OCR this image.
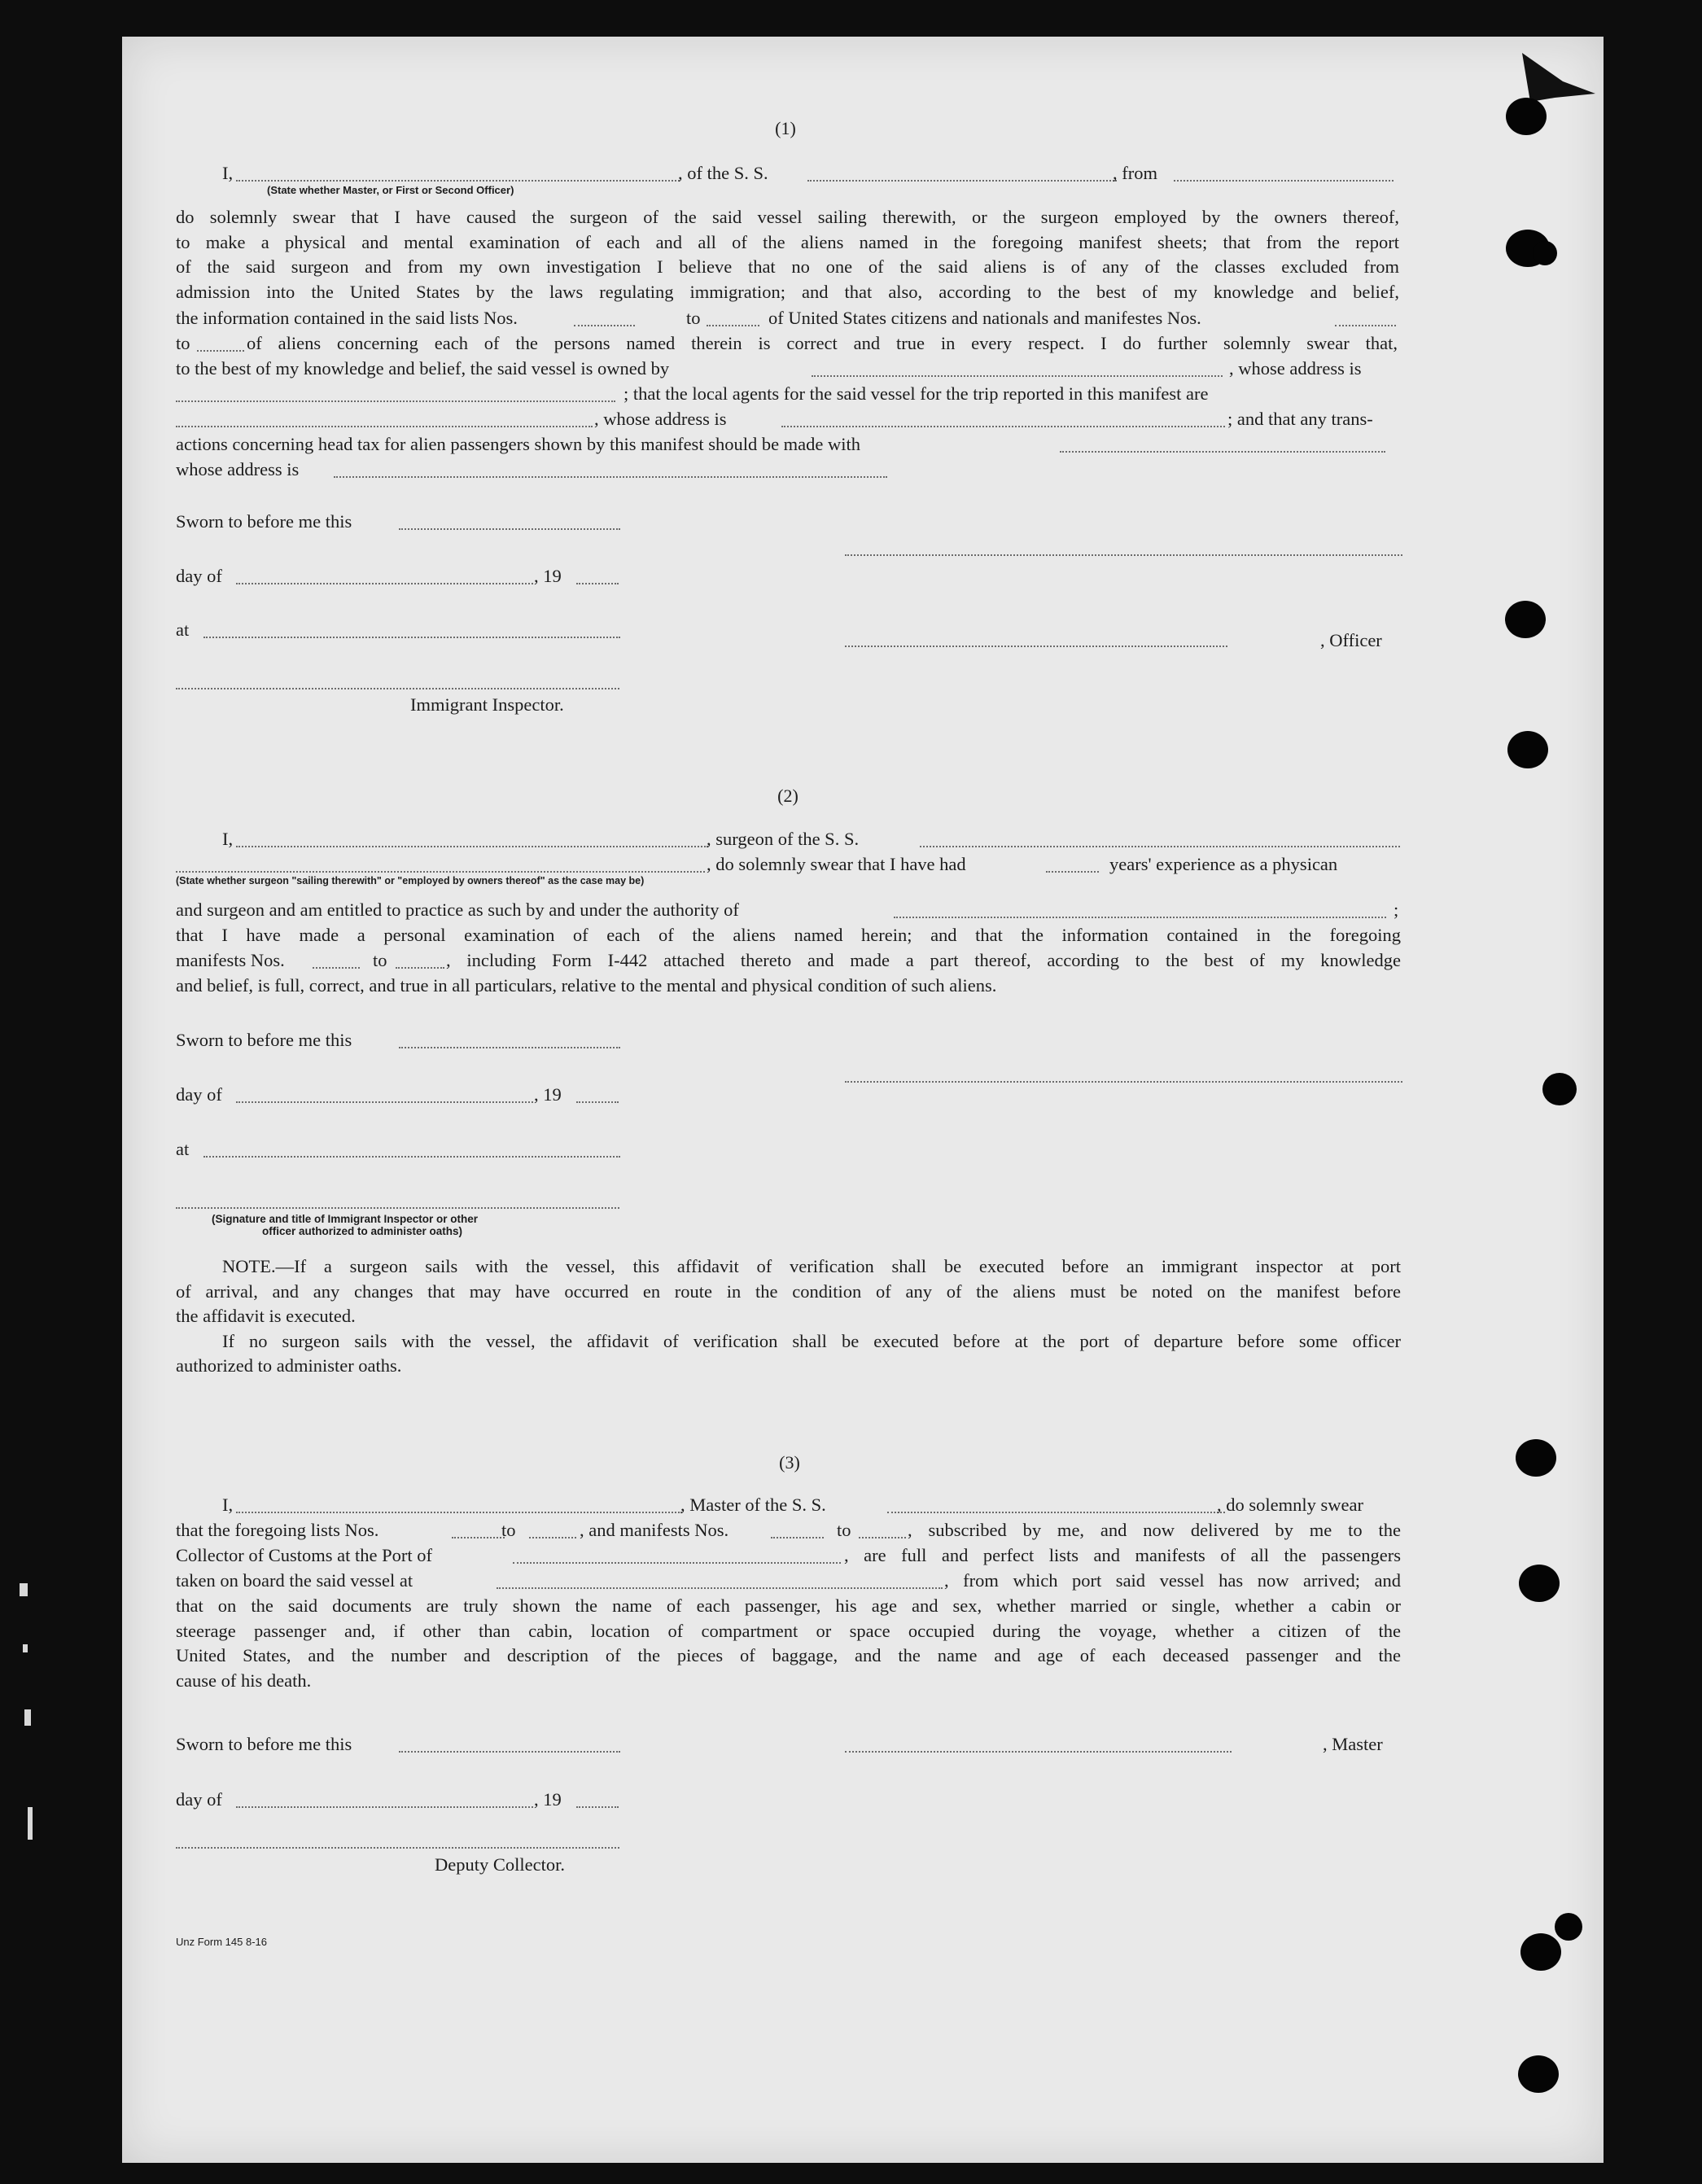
(1)
I,
(State whether Master, or First or Second Officer)
, of the S. S.	, from
do solemnly swear that I have caused the surgeon of the said vessel sailing therewith, or the surgeon employed by the owners thereof,
to make a physical and mental examination of each and all of the aliens named in the foregoing manifest sheets; that from the report
of the said surgeon and from my own investigation I believe that no one of the said aliens is of any of the classes excluded from
admission into the United States by the laws regulating immigration; and that also, according to the best of my knowledge and belief,
the information contained in the said lists Nos.	to	of United States citizens and nationals and manifestes Nos.
to	of aliens concerning each of the persons named therein is correct and true in every respect. I do further solemnly swear that,
to the best of my knowledge and belief, the said vessel is owned by	, whose address is
; that the local agents for the said vessel for the trip reported in this manifest are
, whose address is	; and that any trans-
actions concerning head tax for alien passengers shown by this manifest should be made with
whose address is
Sworn to before me this
day of	, 19
at
, Officer
Immigrant Inspector.
(2)
I,	, surgeon of the S. S.
, do solemnly swear that I have had	years' experience as a physican
(State whether surgeon "sailing therewith" or "employed by owners thereof" as the case may be)
and surgeon and am entitled to practice as such by and under the authority of	;
that I have made a personal examination of each of the aliens named herein; and that the information contained in the foregoing
manifests Nos.	to	, including Form I-442 attached thereto and made a part thereof, according to the best of my knowledge
and belief, is full, correct, and true in all particulars, relative to the mental and physical condition of such aliens.
Sworn to before me this
day of	, 19
at
(Signature and title of Immigrant Inspector or other
officer authorized to administer oaths)
NOTE.—If a surgeon sails with the vessel, this affidavit of verification shall be executed before an immigrant inspector at port
of arrival, and any changes that may have occurred en route in the condition of any of the aliens must be noted on the manifest before
the affidavit is executed.
If no surgeon sails with the vessel, the affidavit of verification shall be executed before at the port of departure before some officer
authorized to administer oaths.
(3)
I,	, Master of the S. S.	, do solemnly swear
that the foregoing lists Nos.	to	, and manifests Nos.	to	, subscribed by me, and now delivered by me to the
Collector of Customs at the Port of	, are full and perfect lists and manifests of all the passengers
taken on board the said vessel at	, from which port said vessel has now arrived; and
that on the said documents are truly shown the name of each passenger, his age and sex, whether married or single, whether a cabin or
steerage passenger and, if other than cabin, location of compartment or space occupied during the voyage, whether a citizen of the
United States, and the number and description of the pieces of baggage, and the name and age of each deceased passenger and the
cause of his death.
Sworn to before me this	, Master
day of	, 19
Deputy Collector.
Unz Form 145 8-16
